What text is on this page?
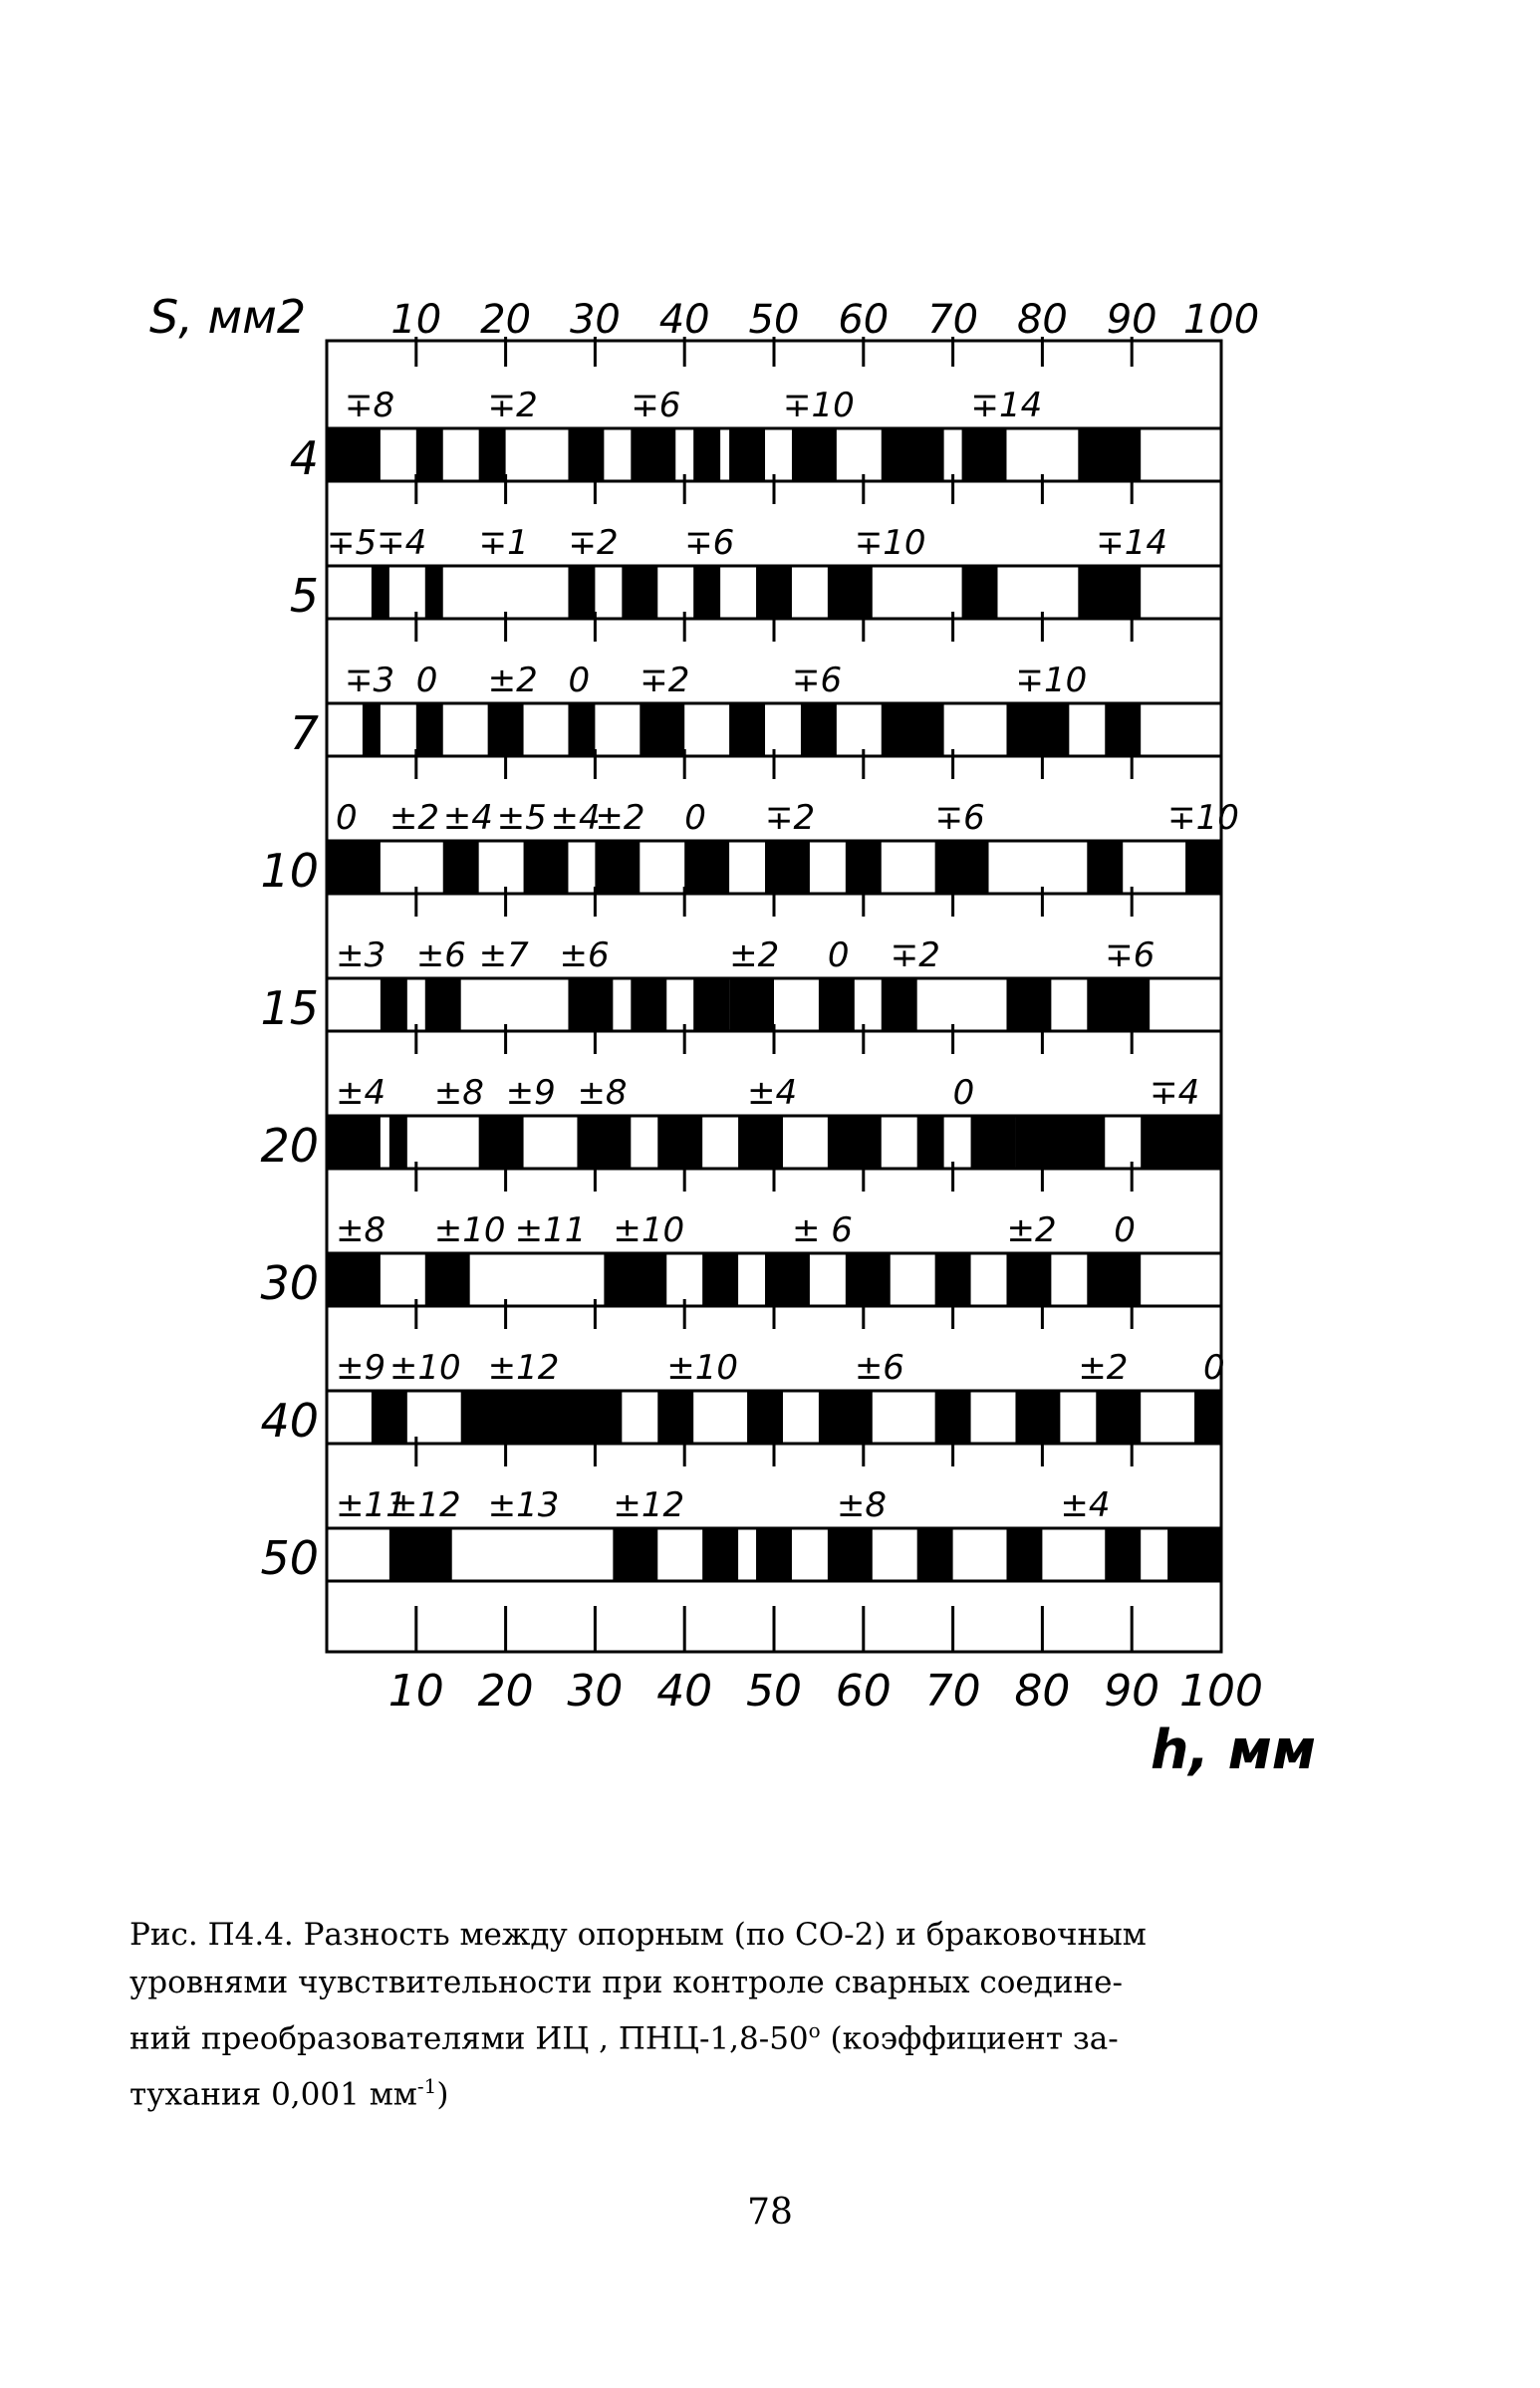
S, мм2
h, мм
10 20 30 40 50 60 70 80 90 100
10 20 30 40 50 60 70 80 90 100
4
∓8	∓2	∓6	∓10	∓14
5
∓5∓4 ∓1 ∓2 ∓6	∓10	∓14
7
∓3 0 ±2 0 ∓2	∓6	∓10
10
0 ±2 ±4 ±5 ±4
±2 0 ∓2	∓6	∓10
15
±3 ±6 ±7 ±6	±2 0 ∓2	∓6
20
±4 ±8 ±9 ±8	±4	0	∓4
30
±8 ±10 ±11 ±10	± 6	±2 0
40
±9 ±10 ±12	±10	±6	±2 0
50
±11
±12 ±13 ±12	±8	±4
Рис. П4.4. Разность между опорным (по СО-2) и браковочным
уровнями чувствительности при контроле сварных соедине-
ний преобразователями ИЦ , ПНЦ-$1,8-50^о$ (коэффициент за-
тухания 0,001 $мм^{-1}$)
78
